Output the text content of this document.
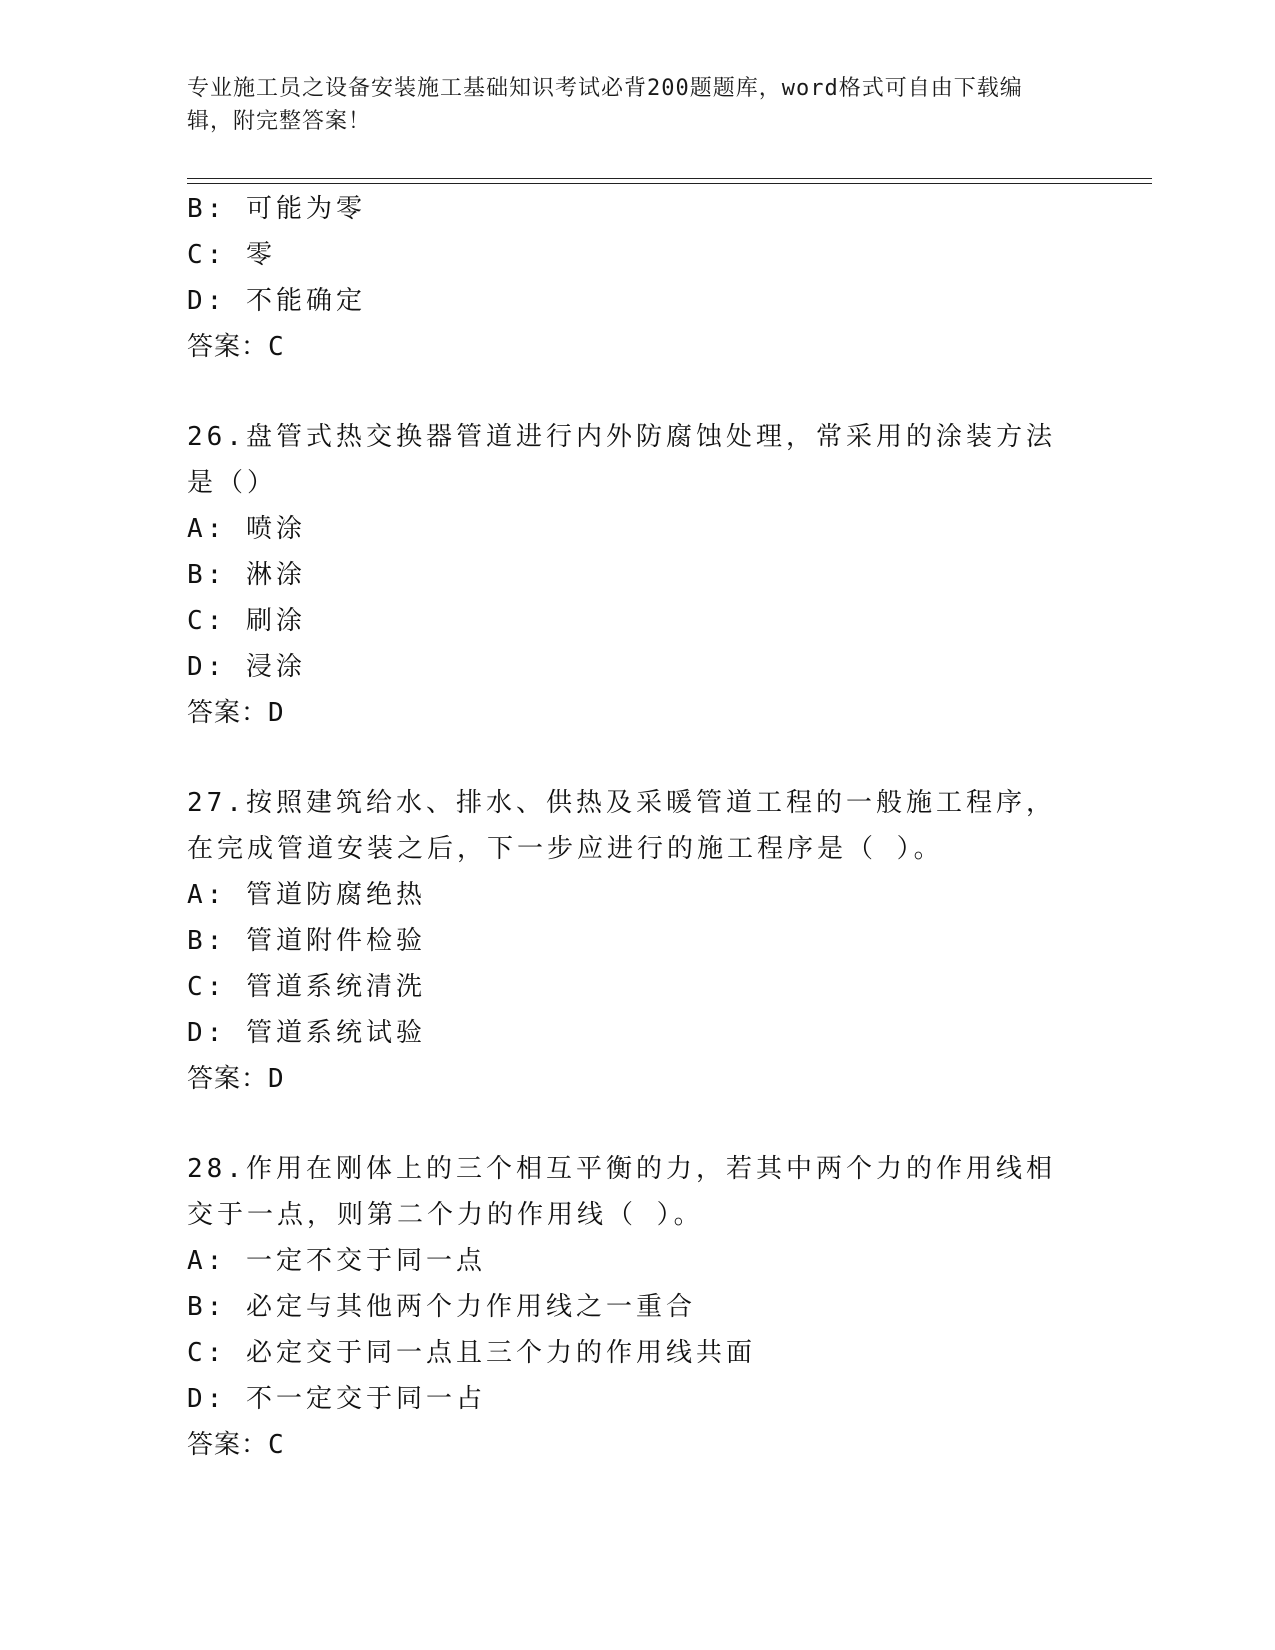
专业施工员之设备安装施工基础知识考试必背200题题库，word格式可自由下载编辑，附完整答案！
B: 可能为零
C: 零
D: 不能确定
答案：C
26.盘管式热交换器管道进行内外防腐蚀处理，常采用的涂装方法是（）
A: 喷涂
B: 淋涂
C: 刷涂
D: 浸涂
答案：D
27.按照建筑给水、排水、供热及采暖管道工程的一般施工程序，在完成管道安装之后，下一步应进行的施工程序是（ ）。
A: 管道防腐绝热
B: 管道附件检验
C: 管道系统清洗
D: 管道系统试验
答案：D
28.作用在刚体上的三个相互平衡的力，若其中两个力的作用线相交于一点，则第二个力的作用线（ ）。
A: 一定不交于同一点
B: 必定与其他两个力作用线之一重合
C: 必定交于同一点且三个力的作用线共面
D: 不一定交于同一占
答案：C
